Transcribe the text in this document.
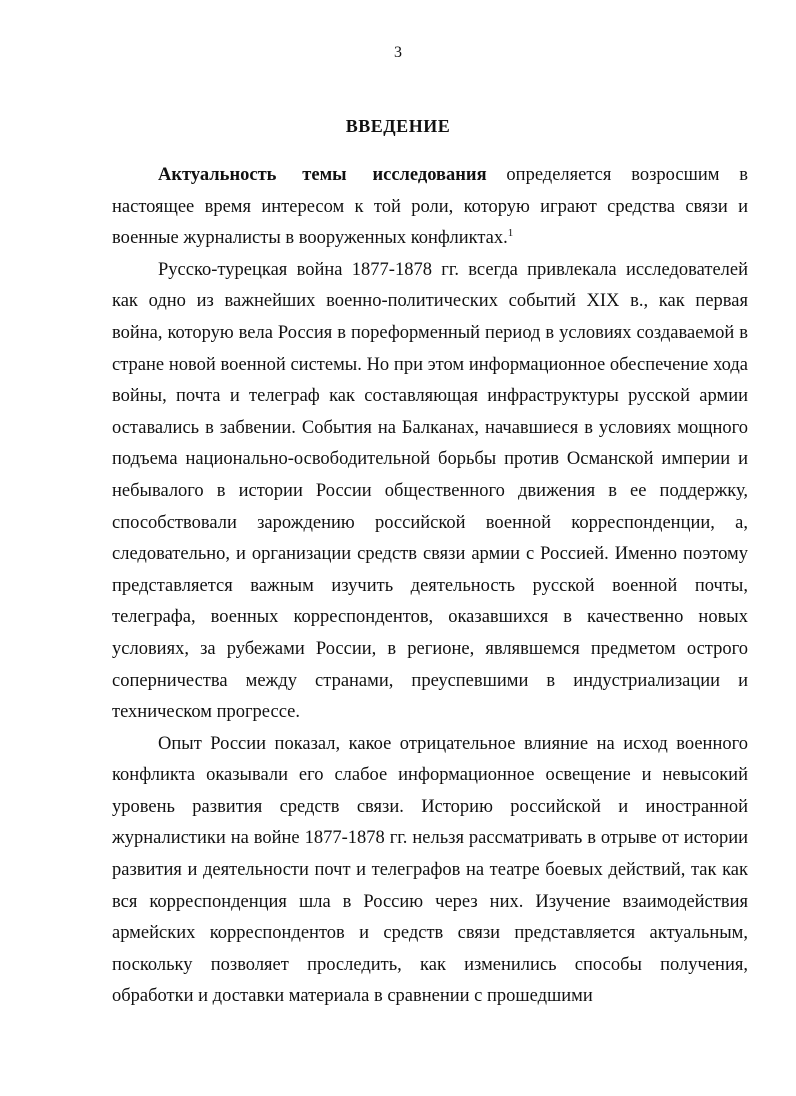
3
ВВЕДЕНИЕ

Актуальность темы исследования определяется возросшим в настоящее время интересом к той роли, которую играют средства связи и военные журналисты в вооруженных конфликтах.$^1$

Русско-турецкая война 1877-1878 гг. всегда привлекала исследователей как одно из важнейших военно-политических событий XIX в., как первая война, которую вела Россия в пореформенный период в условиях создаваемой в стране новой военной системы. Но при этом информационное обеспечение хода войны, почта и телеграф как составляющая инфраструктуры русской армии оставались в забвении. События на Балканах, начавшиеся в условиях мощного подъема национально-освободительной борьбы против Османской империи и небывалого в истории России общественного движения в ее поддержку, способствовали зарождению российской военной корреспонденции, а, следовательно, и организации средств связи армии с Россией. Именно поэтому представляется важным изучить деятельность русской военной почты, телеграфа, военных корреспондентов, оказавшихся в качественно новых условиях, за рубежами России, в регионе, являвшемся предметом острого соперничества между странами, преуспевшими в индустриализации и техническом прогрессе.

Опыт России показал, какое отрицательное влияние на исход военного конфликта оказывали его слабое информационное освещение и невысокий уровень развития средств связи. Историю российской и иностранной журналистики на войне 1877-1878 гг. нельзя рассматривать в отрыве от истории развития и деятельности почт и телеграфов на театре боевых действий, так как вся корреспонденция шла в Россию через них. Изучение взаимодействия армейских корреспондентов и средств связи представляется актуальным, поскольку позволяет проследить, как изменились способы получения, обработки и доставки материала в сравнении с прошедшими
